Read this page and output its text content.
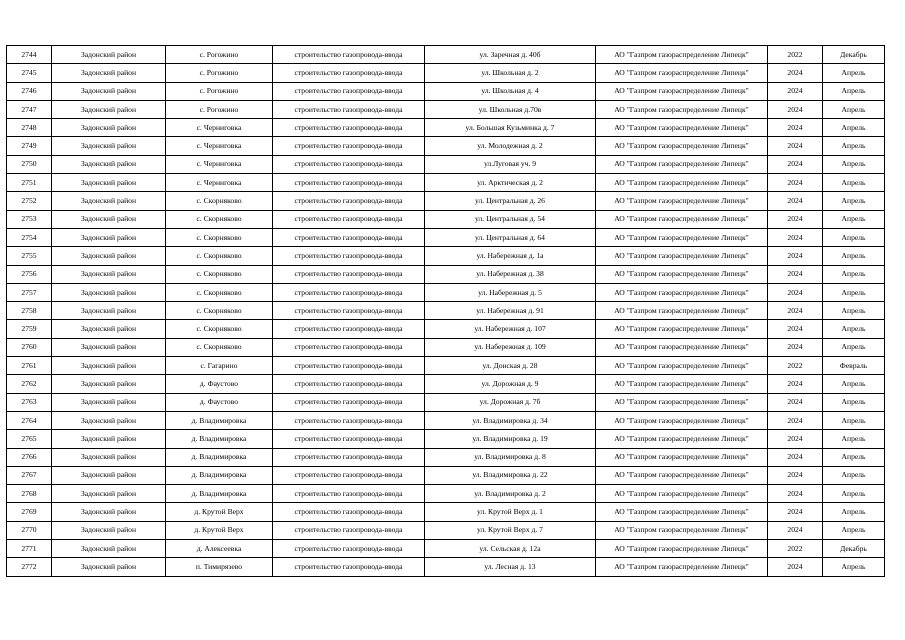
2744	Задонский район	с. Рогожино	строительство газопровода-ввода	ул. Заречная д. 40б	АО "Газпром газораспределение Липецк"	2022	Декабрь
2745	Задонский район	с. Рогожино	строительство газопровода-ввода	ул. Школьная д. 2	АО "Газпром газораспределение Липецк"	2024	Апрель
2746	Задонский район	с. Рогожино	строительство газопровода-ввода	ул. Школьная д. 4	АО "Газпром газораспределение Липецк"	2024	Апрель
2747	Задонский район	с. Рогожино	строительство газопровода-ввода	ул. Школьная д.70в	АО "Газпром газораспределение Липецк"	2024	Апрель
2748	Задонский район	с. Черниговка	строительство газопровода-ввода	ул. Большая Кузьминка д. 7	АО "Газпром газораспределение Липецк"	2024	Апрель
2749	Задонский район	с. Черниговка	строительство газопровода-ввода	ул. Молодежная д. 2	АО "Газпром газораспределение Липецк"	2024	Апрель
2750	Задонский район	с. Черниговка	строительство газопровода-ввода	ул.Луговая уч. 9	АО "Газпром газораспределение Липецк"	2024	Апрель
2751	Задонский район	с. Черниговка	строительство газопровода-ввода	ул. Арктическая д. 2	АО "Газпром газораспределение Липецк"	2024	Апрель
2752	Задонский район	с. Скорняково	строительство газопровода-ввода	ул. Центральная д. 26	АО "Газпром газораспределение Липецк"	2024	Апрель
2753	Задонский район	с. Скорняково	строительство газопровода-ввода	ул. Центральная д. 54	АО "Газпром газораспределение Липецк"	2024	Апрель
2754	Задонский район	с. Скорняково	строительство газопровода-ввода	ул. Центральная д. 64	АО "Газпром газораспределение Липецк"	2024	Апрель
2755	Задонский район	с. Скорняково	строительство газопровода-ввода	ул. Набережная д. 1а	АО "Газпром газораспределение Липецк"	2024	Апрель
2756	Задонский район	с. Скорняково	строительство газопровода-ввода	ул. Набережная д. 38	АО "Газпром газораспределение Липецк"	2024	Апрель
2757	Задонский район	с. Скорняково	строительство газопровода-ввода	ул. Набережная д. 5	АО "Газпром газораспределение Липецк"	2024	Апрель
2758	Задонский район	с. Скорняково	строительство газопровода-ввода	ул. Набережная д. 91	АО "Газпром газораспределение Липецк"	2024	Апрель
2759	Задонский район	с. Скорняково	строительство газопровода-ввода	ул. Набережная д. 107	АО "Газпром газораспределение Липецк"	2024	Апрель
2760	Задонский район	с. Скорняково	строительство газопровода-ввода	ул. Набережная д. 109	АО "Газпром газораспределение Липецк"	2024	Апрель
2761	Задонский район	с. Гагарино	строительство газопровода-ввода	ул. Донская д. 28	АО "Газпром газораспределение Липецк"	2022	Февраль
2762	Задонский район	д. Фаустово	строительство газопровода-ввода	ул. Дорожная д. 9	АО "Газпром газораспределение Липецк"	2024	Апрель
2763	Задонский район	д. Фаустово	строительство газопровода-ввода	ул. Дорожная д. 7б	АО "Газпром газораспределение Липецк"	2024	Апрель
2764	Задонский район	д. Владимировка	строительство газопровода-ввода	ул. Владимировка д. 34	АО "Газпром газораспределение Липецк"	2024	Апрель
2765	Задонский район	д. Владимировка	строительство газопровода-ввода	ул. Владимировка д. 19	АО "Газпром газораспределение Липецк"	2024	Апрель
2766	Задонский район	д. Владимировка	строительство газопровода-ввода	ул. Владимировка д. 8	АО "Газпром газораспределение Липецк"	2024	Апрель
2767	Задонский район	д. Владимировка	строительство газопровода-ввода	ул. Владимировка д. 22	АО "Газпром газораспределение Липецк"	2024	Апрель
2768	Задонский район	д. Владимировка	строительство газопровода-ввода	ул. Владимировка д. 2	АО "Газпром газораспределение Липецк"	2024	Апрель
2769	Задонский район	д. Крутой Верх	строительство газопровода-ввода	ул. Крутой Верх д. 1	АО "Газпром газораспределение Липецк"	2024	Апрель
2770	Задонский район	д. Крутой Верх	строительство газопровода-ввода	ул. Крутой Верх д. 7	АО "Газпром газораспределение Липецк"	2024	Апрель
2771	Задонский район	д. Алексеевка	строительство газопровода-ввода	ул. Сельская д. 12а	АО "Газпром газораспределение Липецк"	2022	Декабрь
2772	Задонский район	п. Тимирязево	строительство газопровода-ввода	ул. Лесная д. 13	АО "Газпром газораспределение Липецк"	2024	Апрель
